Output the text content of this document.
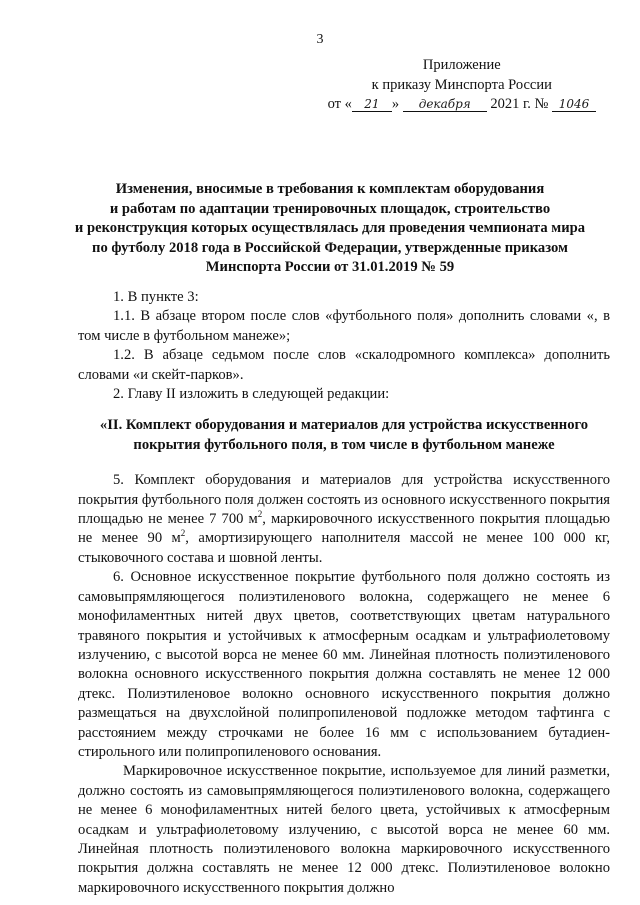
3
Приложение
к приказу Минспорта России
от « 21 » декабря 2021 г. № 1046
Изменения, вносимые в требования к комплектам оборудования
и работам по адаптации тренировочных площадок, строительство
и реконструкция которых осуществлялась для проведения чемпионата мира
по футболу 2018 года в Российской Федерации, утвержденные приказом
Минспорта России от 31.01.2019 № 59

1. В пункте 3:

1.1. В абзаце втором после слов «футбольного поля» дополнить словами «, в том числе в футбольном манеже»;

1.2. В абзаце седьмом после слов «скалодромного комплекса» дополнить словами «и скейт-парков».

2. Главу II изложить в следующей редакции:

«II. Комплект оборудования и материалов для устройства искусственного
покрытия футбольного поля, в том числе в футбольном манеже

5. Комплект оборудования и материалов для устройства искусственного покрытия футбольного поля должен состоять из основного искусственного покрытия площадью не менее 7 700 $м^2$, маркировочного искусственного покрытия площадью не менее 90 $м^2$, амортизирующего наполнителя массой не менее 100 000 кг, стыковочного состава и шовной ленты.

6. Основное искусственное покрытие футбольного поля должно состоять из самовыпрямляющегося полиэтиленового волокна, содержащего не менее 6 монофиламентных нитей двух цветов, соответствующих цветам натурального травяного покрытия и устойчивых к атмосферным осадкам и ультрафиолетовому излучению, с высотой ворса не менее 60 мм. Линейная плотность полиэтиленового волокна основного искусственного покрытия должна составлять не менее 12 000 дтекс. Полиэтиленовое волокно основного искусственного покрытия должно размещаться на двухслойной полипропиленовой подложке методом тафтинга с расстоянием между строчками не более 16 мм с использованием бутадиен-стирольного или полипропиленового основания.

Маркировочное искусственное покрытие, используемое для линий разметки, должно состоять из самовыпрямляющегося полиэтиленового волокна, содержащего не менее 6 монофиламентных нитей белого цвета, устойчивых к атмосферным осадкам и ультрафиолетовому излучению, с высотой ворса не менее 60 мм. Линейная плотность полиэтиленового волокна маркировочного искусственного покрытия должна составлять не менее 12 000 дтекс. Полиэтиленовое волокно маркировочного искусственного покрытия должно
